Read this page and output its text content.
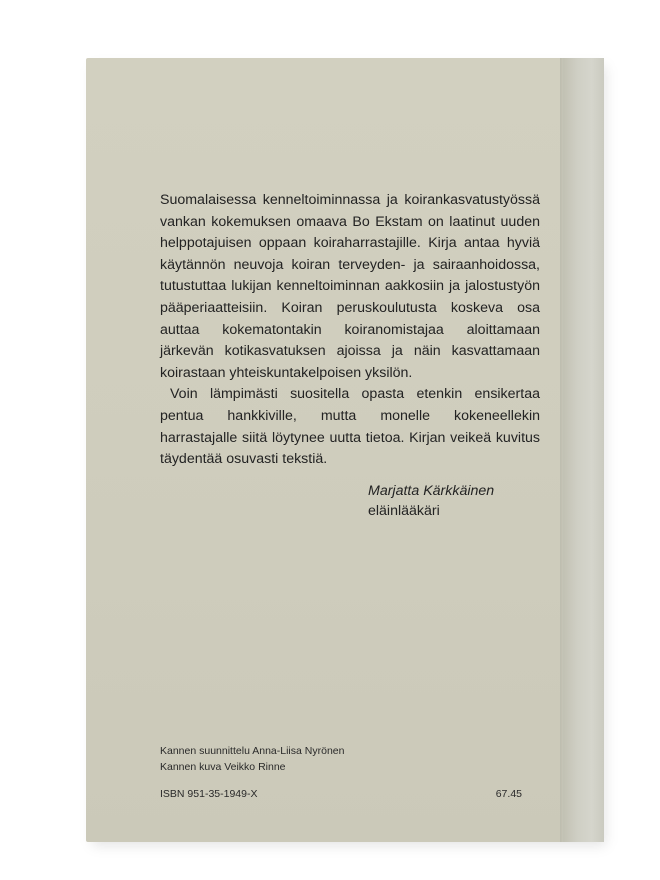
Suomalaisessa kenneltoiminnassa ja koirankasvatustyössä vankan kokemuksen omaava Bo Ekstam on laatinut uuden helppotajuisen oppaan koiraharrastajille. Kirja antaa hyviä käytännön neuvoja koiran terveyden- ja sairaanhoidossa, tutustuttaa lukijan kenneltoiminnan aakkosiin ja jalostustyön pääperiaatteisiin. Koiran peruskoulutusta koskeva osa auttaa kokematontakin koiranomistajaa aloittamaan järkevän kotikasvatuksen ajoissa ja näin kasvattamaan koirastaan yhteiskuntakelpoisen yksilön.

Voin lämpimästi suositella opasta etenkin ensikertaa pentua hankkiville, mutta monelle kokeneellekin harrastajalle siitä löytynee uutta tietoa. Kirjan veikeä kuvitus täydentää osuvasti tekstiä.

Marjatta Kärkkäinen
eläinlääkäri
Kannen suunnittelu Anna-Liisa Nyrönen
Kannen kuva Veikko Rinne
ISBN 951-35-1949-X	67.45
